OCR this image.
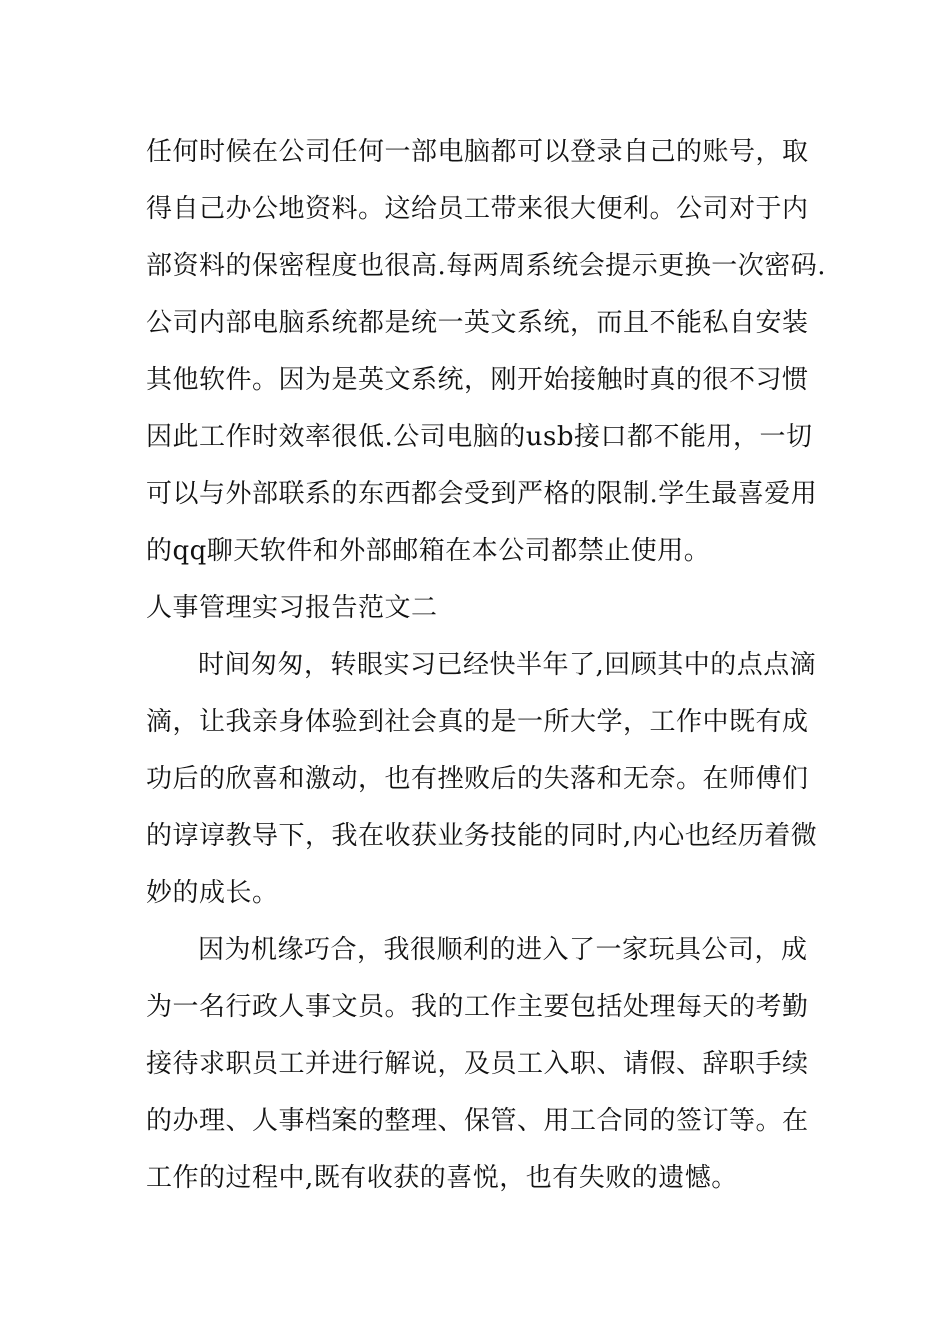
任何时候在公司任何一部电脑都可以登录自己的账号，取
得自己办公地资料。这给员工带来很大便利。公司对于内
部资料的保密程度也很高.每两周系统会提示更换一次密码.
公司内部电脑系统都是统一英文系统，而且不能私自安装
其他软件。因为是英文系统，刚开始接触时真的很不习惯
因此工作时效率很低.公司电脑的usb接口都不能用，一切
可以与外部联系的东西都会受到严格的限制.学生最喜爱用
的qq聊天软件和外部邮箱在本公司都禁止使用。
人事管理实习报告范文二
时间匆匆，转眼实习已经快半年了,回顾其中的点点滴
滴，让我亲身体验到社会真的是一所大学，工作中既有成
功后的欣喜和激动，也有挫败后的失落和无奈。在师傅们
的谆谆教导下，我在收获业务技能的同时,内心也经历着微
妙的成长。
因为机缘巧合，我很顺利的进入了一家玩具公司，成
为一名行政人事文员。我的工作主要包括处理每天的考勤
接待求职员工并进行解说，及员工入职、请假、辞职手续
的办理、人事档案的整理、保管、用工合同的签订等。在
工作的过程中,既有收获的喜悦，也有失败的遗憾。
